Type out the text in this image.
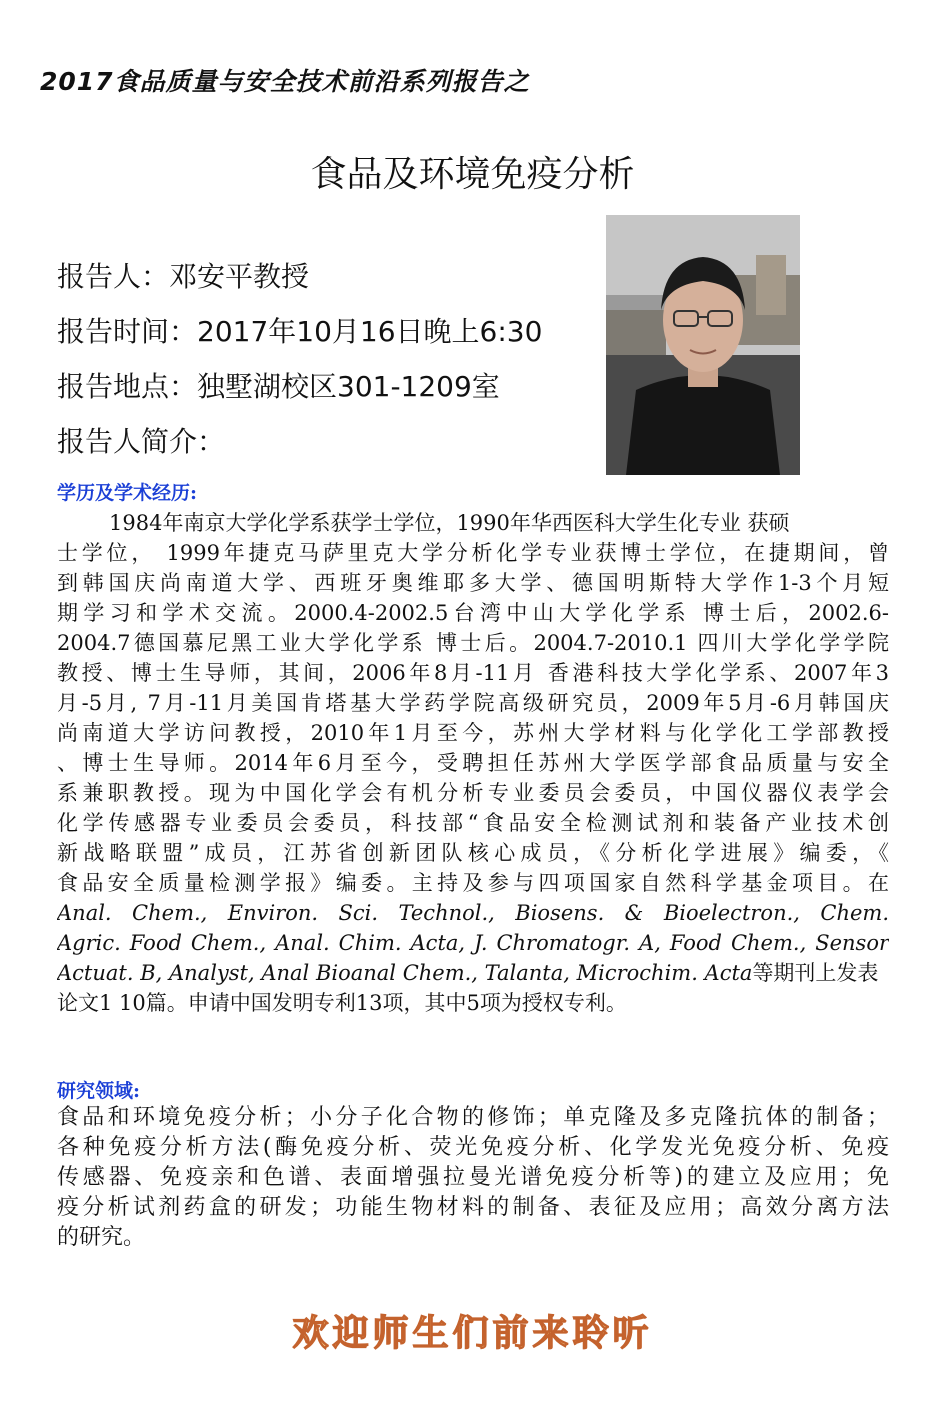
2017食品质量与安全技术前沿系列报告之
食品及环境免疫分析
报告人：邓安平教授
报告时间：2017年10月16日晚上6:30
报告地点：独墅湖校区301-1209室
报告人简介：
学历及学术经历:
1984年南京大学化学系获学士学位，1990年华西医科大学生化专业 获硕
士学位， 1999年捷克马萨里克大学分析化学专业获博士学位，在捷期间，曾
到韩国庆尚南道大学、西班牙奥维耶多大学、德国明斯特大学作1-3个月短
期学习和学术交流。2000.4-2002.5台湾中山大学化学系 博士后，2002.6-
2004.7德国慕尼黑工业大学化学系 博士后。2004.7-2010.1 四川大学化学学院
教授、博士生导师，其间，2006年8月-11月 香港科技大学化学系、2007年3
月-5月, 7月-11月美国肯塔基大学药学院高级研究员，2009年5月-6月韩国庆
尚南道大学访问教授，2010年1月至今，苏州大学材料与化学化工学部教授
、博士生导师。2014年6月至今，受聘担任苏州大学医学部食品质量与安全
系兼职教授。现为中国化学会有机分析专业委员会委员，中国仪器仪表学会
化学传感器专业委员会委员，科技部“食品安全检测试剂和装备产业技术创
新战略联盟”成员，江苏省创新团队核心成员，《分析化学进展》编委，《
食品安全质量检测学报》编委。主持及参与四项国家自然科学基金项目。在
Anal. Chem., Environ. Sci. Technol., Biosens. & Bioelectron., Chem.
Agric. Food Chem., Anal. Chim. Acta, J. Chromatogr. A, Food Chem., Sensor
Actuat. B, Analyst, Anal Bioanal Chem., Talanta, Microchim. Acta等期刊上发表
论文1 10篇。申请中国发明专利13项，其中5项为授权专利。
研究领域:
食品和环境免疫分析；小分子化合物的修饰；单克隆及多克隆抗体的制备；
各种免疫分析方法(酶免疫分析、荧光免疫分析、化学发光免疫分析、免疫
传感器、免疫亲和色谱、表面增强拉曼光谱免疫分析等)的建立及应用；免
疫分析试剂药盒的研发；功能生物材料的制备、表征及应用；高效分离方法
的研究。
欢迎师生们前来聆听
